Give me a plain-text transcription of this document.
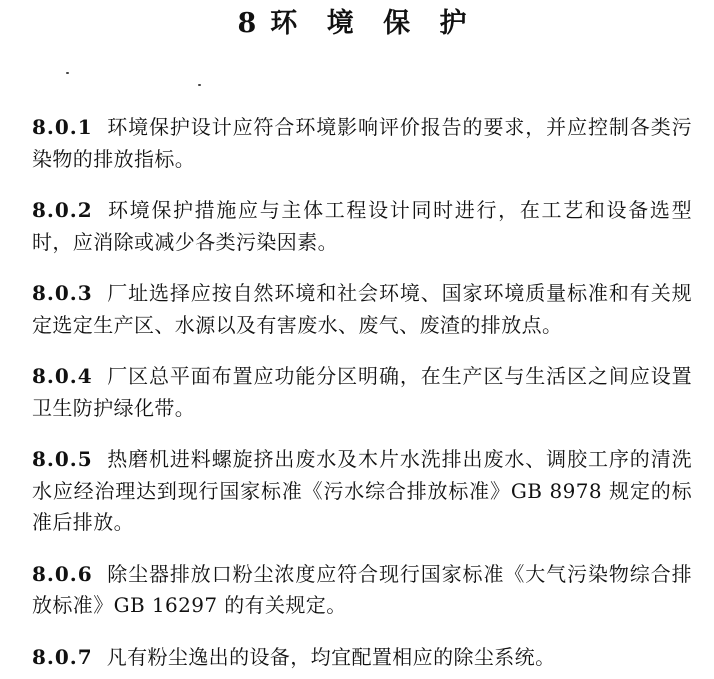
8 环 境 保 护

8.0.1 环境保护设计应符合环境影响评价报告的要求，并应控制各类污染物的排放指标。

8.0.2 环境保护措施应与主体工程设计同时进行，在工艺和设备选型时，应消除或减少各类污染因素。

8.0.3 厂址选择应按自然环境和社会环境、国家环境质量标准和有关规定选定生产区、水源以及有害废水、废气、废渣的排放点。

8.0.4 厂区总平面布置应功能分区明确，在生产区与生活区之间应设置卫生防护绿化带。

8.0.5 热磨机进料螺旋挤出废水及木片水洗排出废水、调胶工序的清洗水应经治理达到现行国家标准《污水综合排放标准》GB 8978 规定的标准后排放。

8.0.6 除尘器排放口粉尘浓度应符合现行国家标准《大气污染物综合排放标准》GB 16297 的有关规定。

8.0.7 凡有粉尘逸出的设备，均宜配置相应的除尘系统。
